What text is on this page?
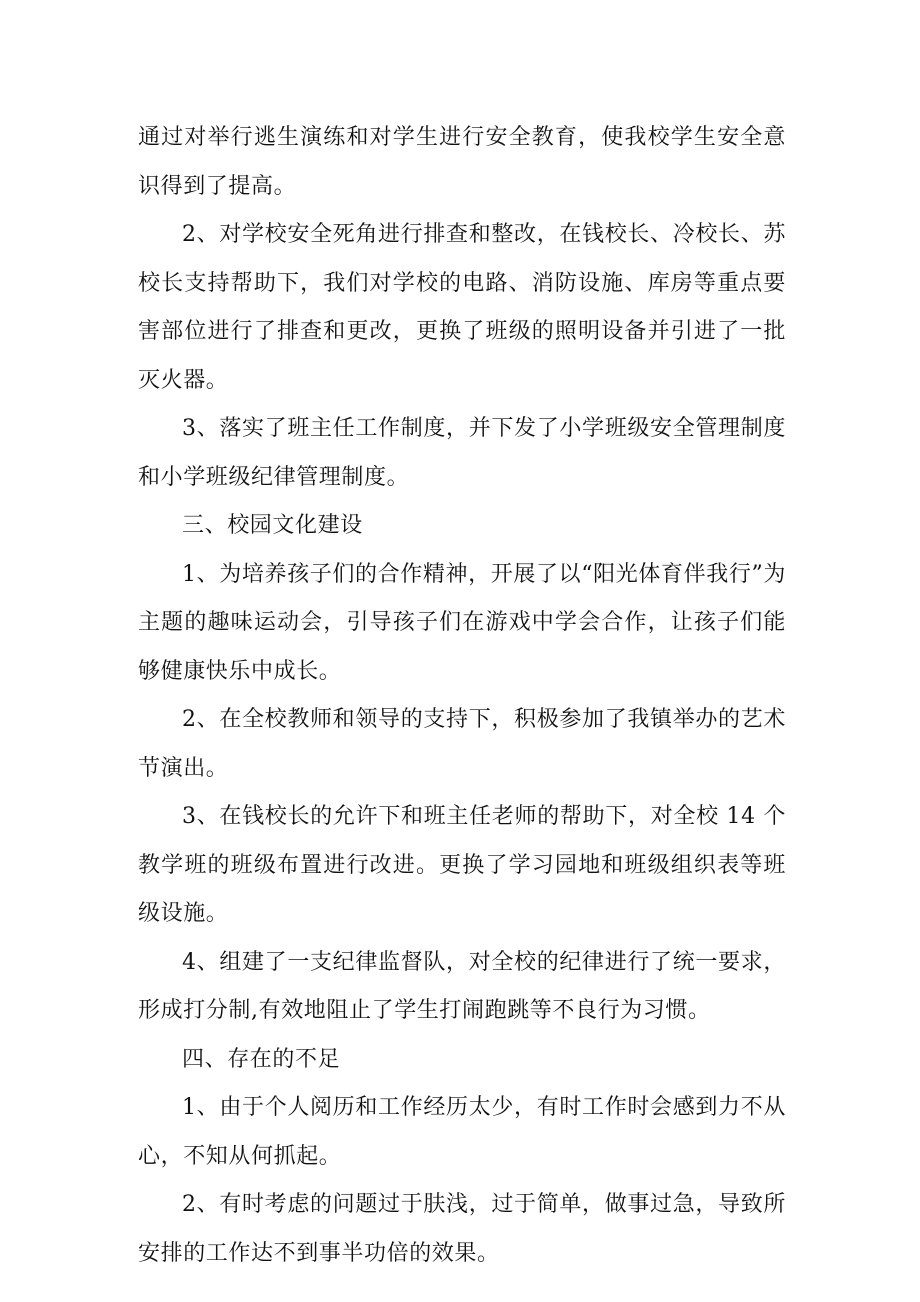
通过对举行逃生演练和对学生进行安全教育，使我校学生安全意识得到了提高。

2、对学校安全死角进行排查和整改，在钱校长、冷校长、苏校长支持帮助下，我们对学校的电路、消防设施、库房等重点要害部位进行了排查和更改，更换了班级的照明设备并引进了一批灭火器。

3、落实了班主任工作制度，并下发了小学班级安全管理制度和小学班级纪律管理制度。

三、校园文化建设

1、为培养孩子们的合作精神，开展了以“阳光体育伴我行”为主题的趣味运动会，引导孩子们在游戏中学会合作，让孩子们能够健康快乐中成长。

2、在全校教师和领导的支持下，积极参加了我镇举办的艺术节演出。

3、在钱校长的允许下和班主任老师的帮助下，对全校 14 个教学班的班级布置进行改进。更换了学习园地和班级组织表等班级设施。

4、组建了一支纪律监督队，对全校的纪律进行了统一要求，形成打分制,有效地阻止了学生打闹跑跳等不良行为习惯。

四、存在的不足

1、由于个人阅历和工作经历太少，有时工作时会感到力不从心，不知从何抓起。

2、有时考虑的问题过于肤浅，过于简单，做事过急，导致所安排的工作达不到事半功倍的效果。
